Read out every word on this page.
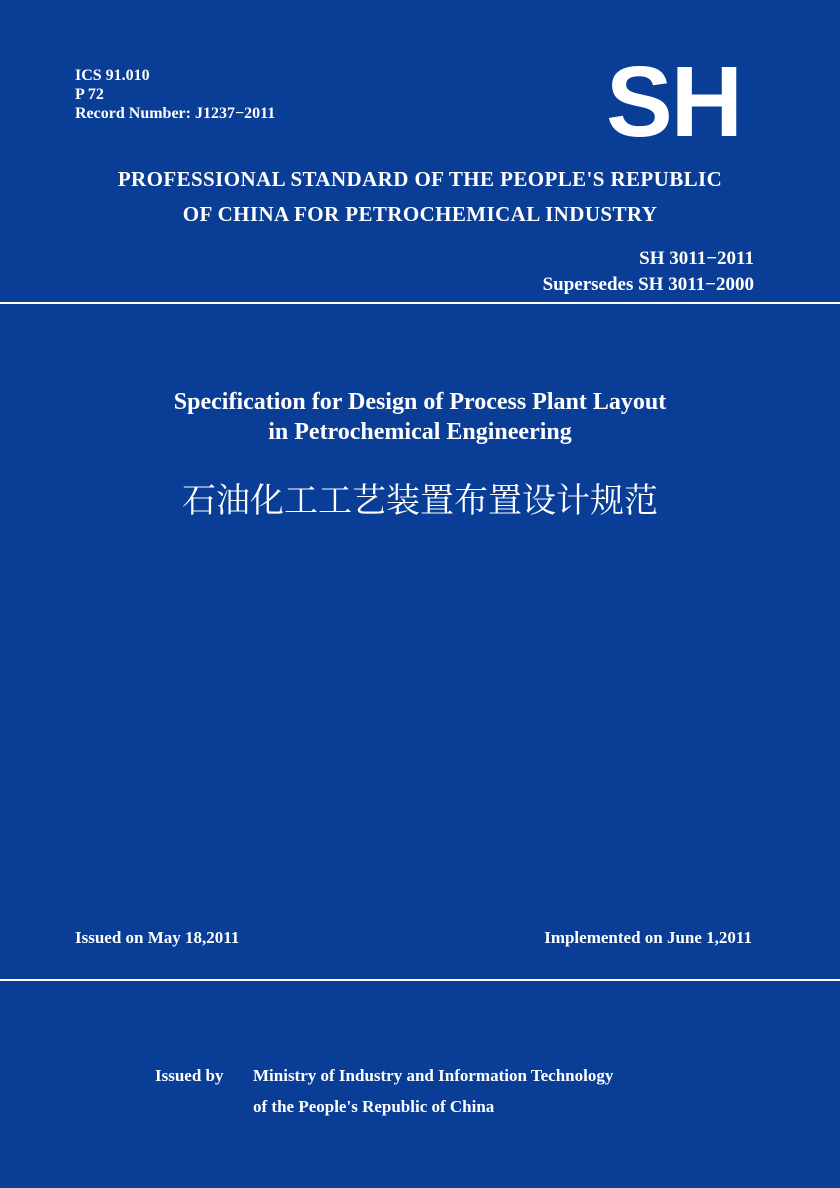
ICS 91.010
P 72
Record Number: J1237−2011	SH
PROFESSIONAL STANDARD OF THE PEOPLE'S REPUBLIC
OF CHINA FOR PETROCHEMICAL INDUSTRY
SH 3011−2011
Supersedes SH 3011−2000
Specification for Design of Process Plant Layout
in Petrochemical Engineering
石油化工工艺装置布置设计规范
Issued on May 18,2011	Implemented on June 1,2011
Issued by Ministry of Industry and Information Technology
of the People's Republic of China
